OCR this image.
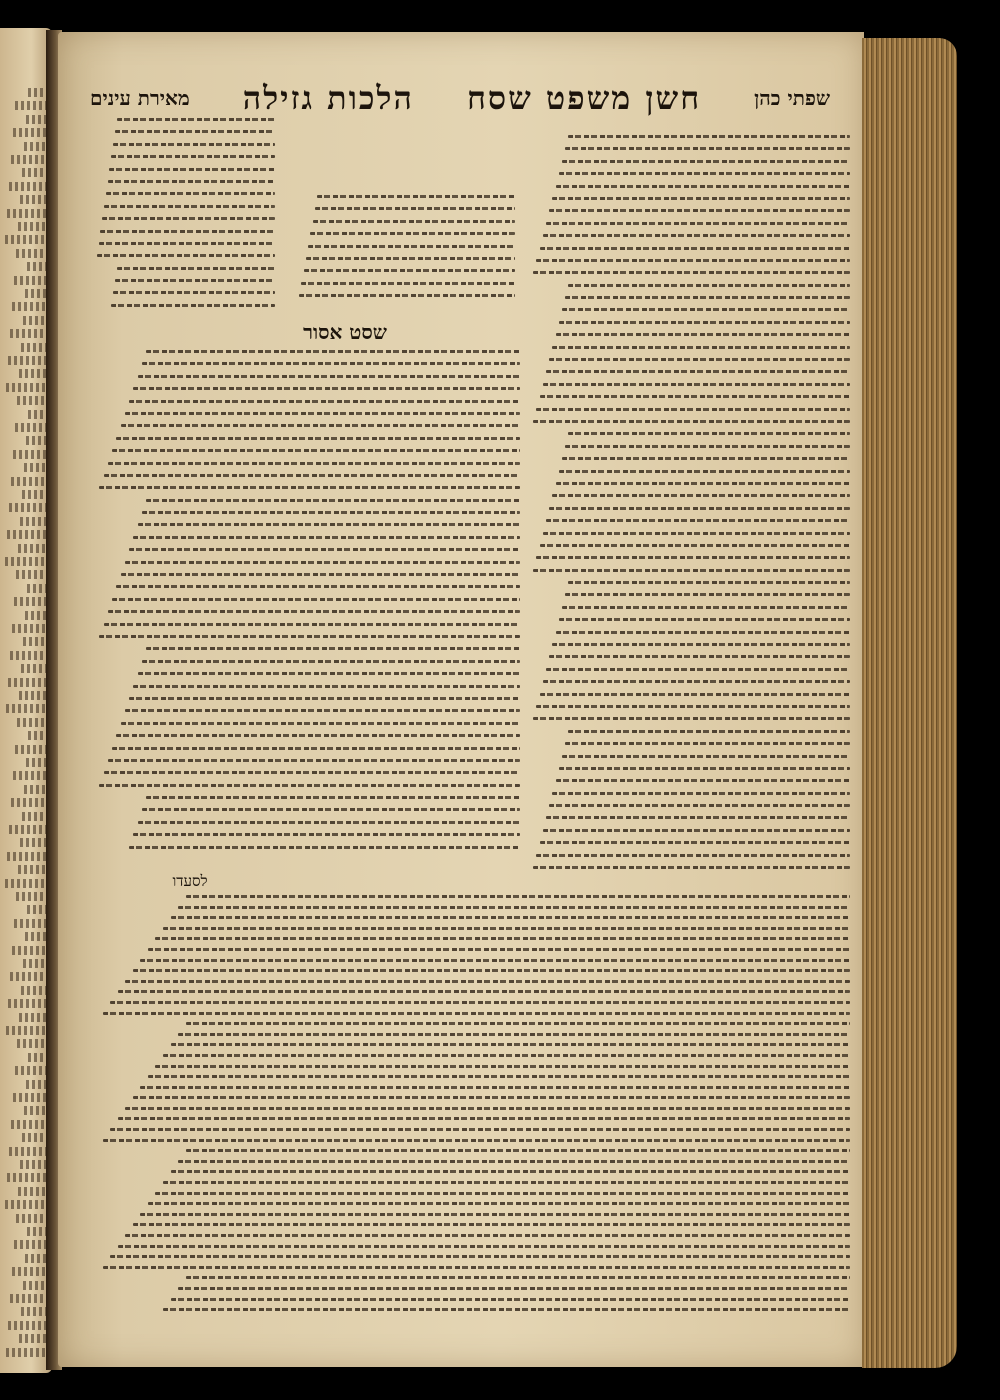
שפתי כהן
חשן משפט שסח
הלכות גזילה
מאירת עינים
שסט אסור
לסעדו
